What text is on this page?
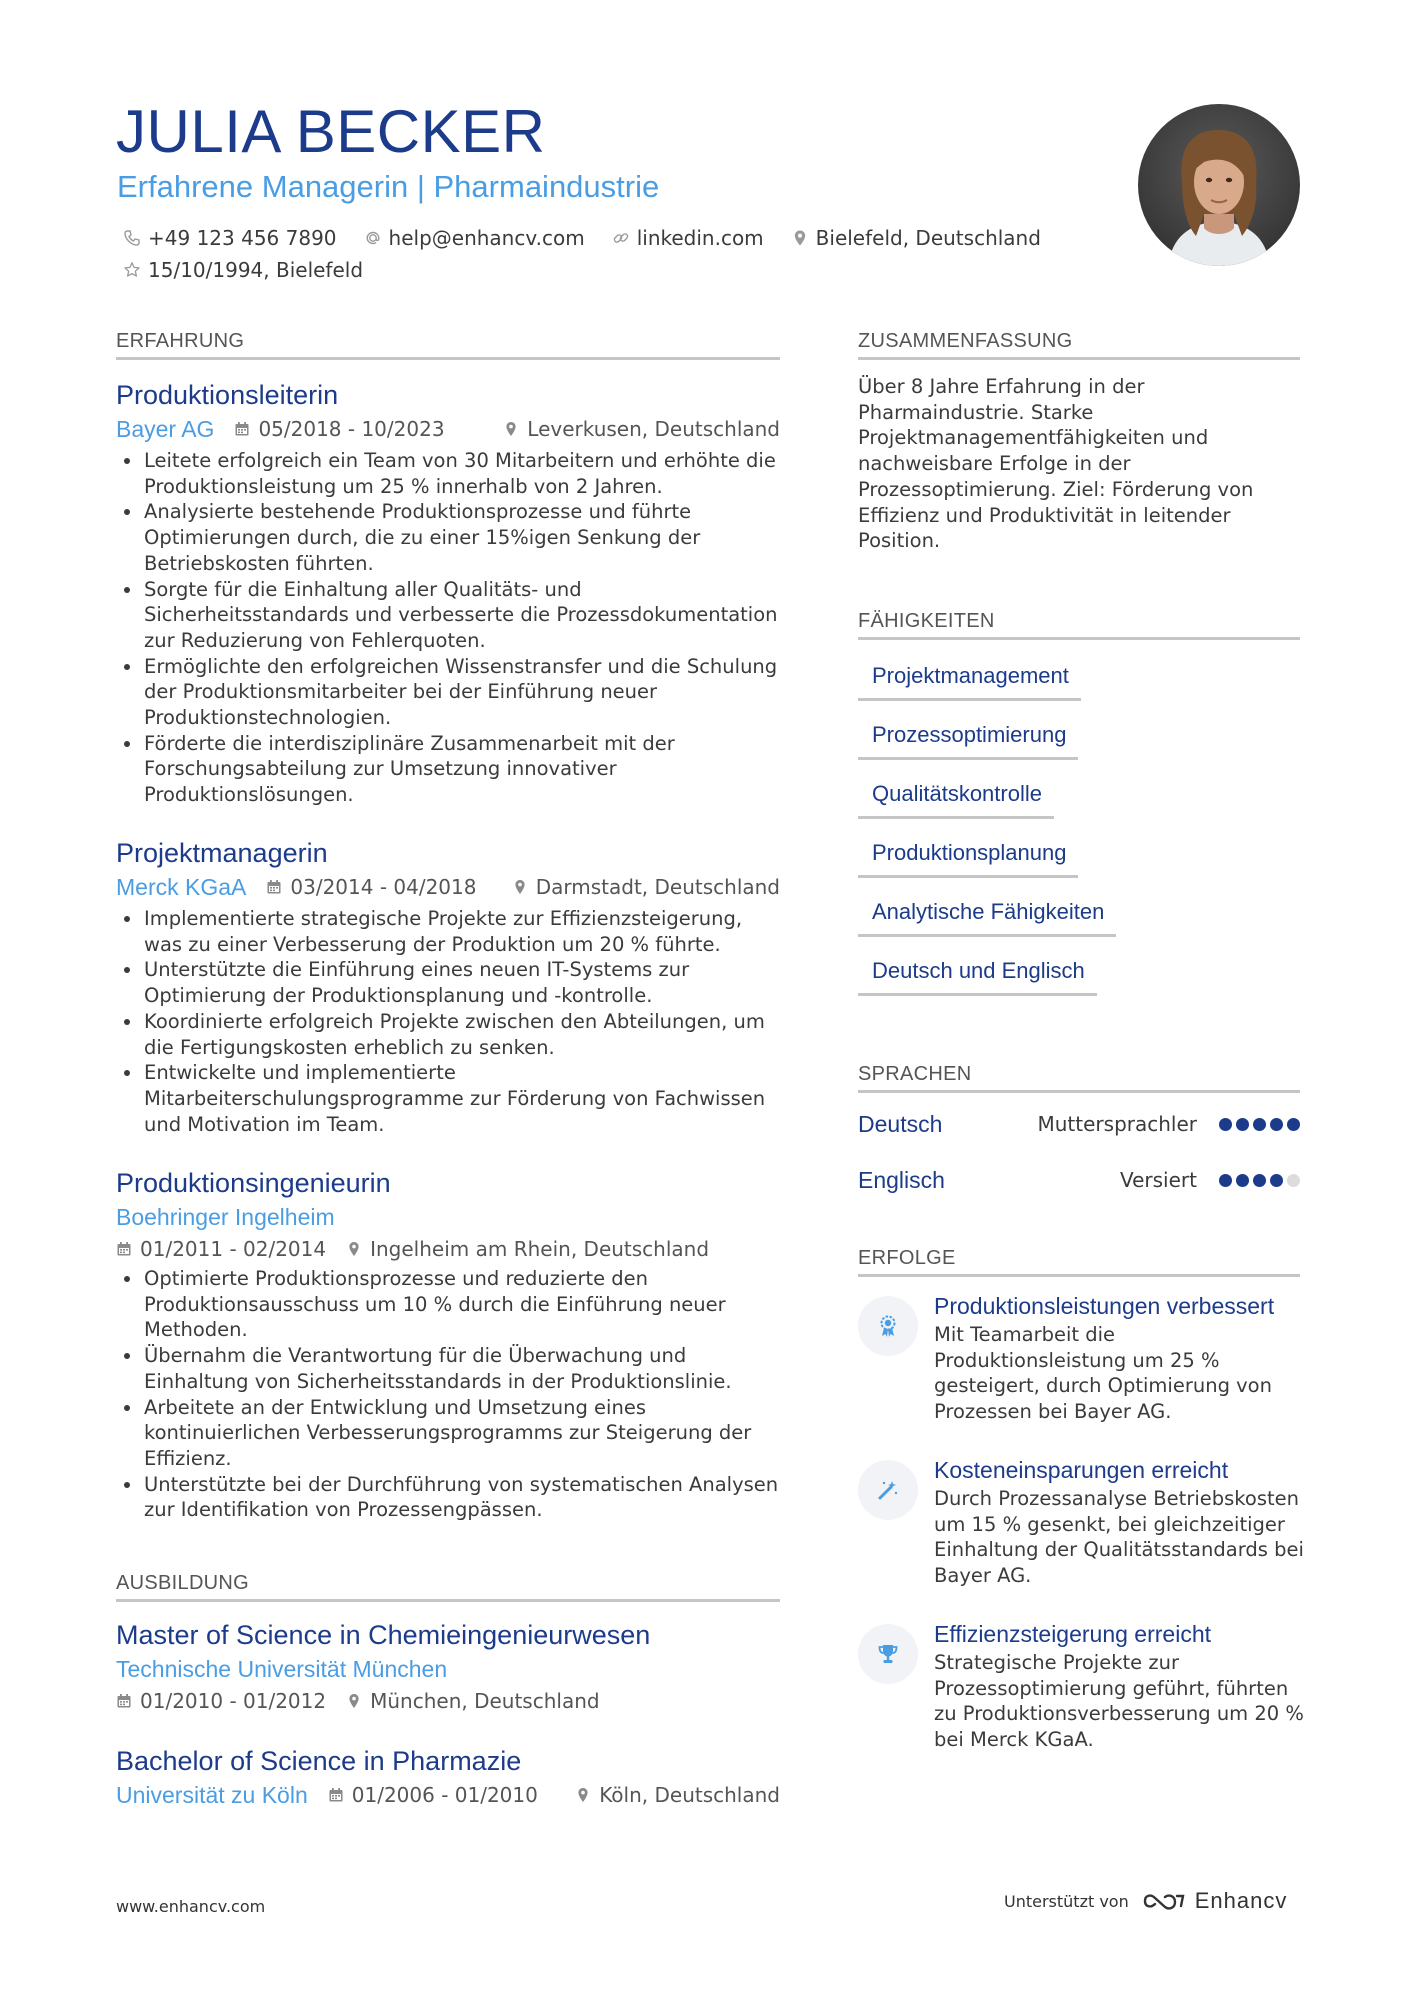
JULIA BECKER
Erfahrene Managerin | Pharmaindustrie
+49 123 456 7890	help@enhancv.com	linkedin.com	Bielefeld, Deutschland
15/10/1994, Bielefeld
ERFAHRUNG
Produktionsleiterin
Bayer AG 05/2018 - 10/2023	Leverkusen, Deutschland
Leitete erfolgreich ein Team von 30 Mitarbeitern und erhöhte die Produktionsleistung um 25 % innerhalb von 2 Jahren.
Analysierte bestehende Produktionsprozesse und führte Optimierungen durch, die zu einer 15%igen Senkung der Betriebskosten führten.
Sorgte für die Einhaltung aller Qualitäts- und Sicherheitsstandards und verbesserte die Prozessdokumentation zur Reduzierung von Fehlerquoten.
Ermöglichte den erfolgreichen Wissenstransfer und die Schulung der Produktionsmitarbeiter bei der Einführung neuer Produktionstechnologien.
Förderte die interdisziplinäre Zusammenarbeit mit der Forschungsabteilung zur Umsetzung innovativer Produktionslösungen.
Projektmanagerin
Merck KGaA 03/2014 - 04/2018	Darmstadt, Deutschland
Implementierte strategische Projekte zur Effizienzsteigerung, was zu einer Verbesserung der Produktion um 20 % führte.
Unterstützte die Einführung eines neuen IT-Systems zur Optimierung der Produktionsplanung und -kontrolle.
Koordinierte erfolgreich Projekte zwischen den Abteilungen, um die Fertigungskosten erheblich zu senken.
Entwickelte und implementierte Mitarbeiterschulungsprogramme zur Förderung von Fachwissen und Motivation im Team.
Produktionsingenieurin
Boehringer Ingelheim
01/2011 - 02/2014 Ingelheim am Rhein, Deutschland
Optimierte Produktionsprozesse und reduzierte den Produktionsausschuss um 10 % durch die Einführung neuer Methoden.
Übernahm die Verantwortung für die Überwachung und Einhaltung von Sicherheitsstandards in der Produktionslinie.
Arbeitete an der Entwicklung und Umsetzung eines kontinuierlichen Verbesserungsprogramms zur Steigerung der Effizienz.
Unterstützte bei der Durchführung von systematischen Analysen zur Identifikation von Prozessengpässen.
AUSBILDUNG
Master of Science in Chemieingenieurwesen
Technische Universität München
01/2010 - 01/2012 München, Deutschland
Bachelor of Science in Pharmazie
Universität zu Köln 01/2006 - 01/2010	Köln, Deutschland
ZUSAMMENFASSUNG
Über 8 Jahre Erfahrung in der Pharmaindustrie. Starke Projektmanagementfähigkeiten und nachweisbare Erfolge in der Prozessoptimierung. Ziel: Förderung von Effizienz und Produktivität in leitender Position.
FÄHIGKEITEN
Projektmanagement
Prozessoptimierung
Qualitätskontrolle
Produktionsplanung
Analytische Fähigkeiten
Deutsch und Englisch
SPRACHEN
Deutsch	Muttersprachler
Englisch	Versiert
ERFOLGE
Produktionsleistungen verbessert
Mit Teamarbeit die Produktionsleistung um 25 % gesteigert, durch Optimierung von Prozessen bei Bayer AG.
Kosteneinsparungen erreicht
Durch Prozessanalyse Betriebskosten um 15 % gesenkt, bei gleichzeitiger Einhaltung der Qualitätsstandards bei Bayer AG.
Effizienzsteigerung erreicht
Strategische Projekte zur Prozessoptimierung geführt, führten zu Produktionsverbesserung um 20 % bei Merck KGaA.
www.enhancv.com	Unterstützt von	Enhancv
